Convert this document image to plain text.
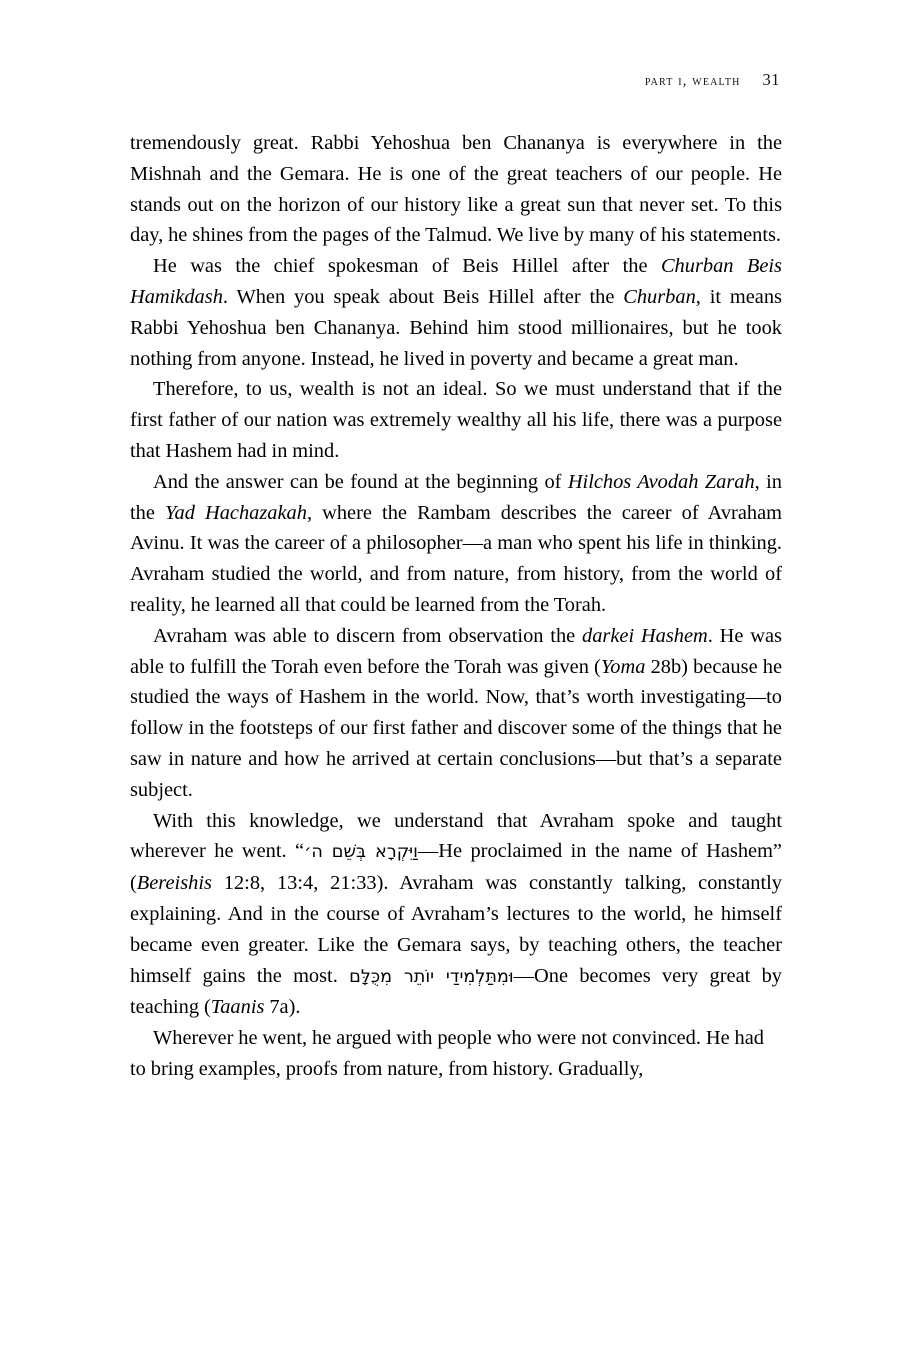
part i, wealth 31

tremendously great. Rabbi Yehoshua ben Chananya is everywhere in the Mishnah and the Gemara. He is one of the great teachers of our people. He stands out on the horizon of our history like a great sun that never set. To this day, he shines from the pages of the Talmud. We live by many of his statements.

He was the chief spokesman of Beis Hillel after the Churban Beis Hamikdash. When you speak about Beis Hillel after the Churban, it means Rabbi Yehoshua ben Chananya. Behind him stood millionaires, but he took nothing from anyone. Instead, he lived in poverty and became a great man.

Therefore, to us, wealth is not an ideal. So we must understand that if the first father of our nation was extremely wealthy all his life, there was a purpose that Hashem had in mind.

And the answer can be found at the beginning of Hilchos Avodah Zarah, in the Yad Hachazakah, where the Rambam describes the career of Avraham Avinu. It was the career of a philosopher—a man who spent his life in thinking. Avraham studied the world, and from nature, from history, from the world of reality, he learned all that could be learned from the Torah.

Avraham was able to discern from observation the darkei Hashem. He was able to fulfill the Torah even before the Torah was given (Yoma 28b) because he studied the ways of Hashem in the world. Now, that’s worth investigating—to follow in the footsteps of our first father and discover some of the things that he saw in nature and how he arrived at certain conclusions—but that’s a separate subject.

With this knowledge, we understand that Avraham spoke and taught wherever he went. “וַיִּקְרָא בְּשֵׁם ה׳—He proclaimed in the name of Hashem” (Bereishis 12:8, 13:4, 21:33). Avraham was constantly talking, constantly explaining. And in the course of Avraham’s lectures to the world, he himself became even greater. Like the Gemara says, by teaching others, the teacher himself gains the most. וּמִתַּלְמִידַי יוֹתֵר מִכֻּלָּם—One becomes very great by teaching (Taanis 7a).

Wherever he went, he argued with people who were not convinced. He had to bring examples, proofs from nature, from history. Gradually,
